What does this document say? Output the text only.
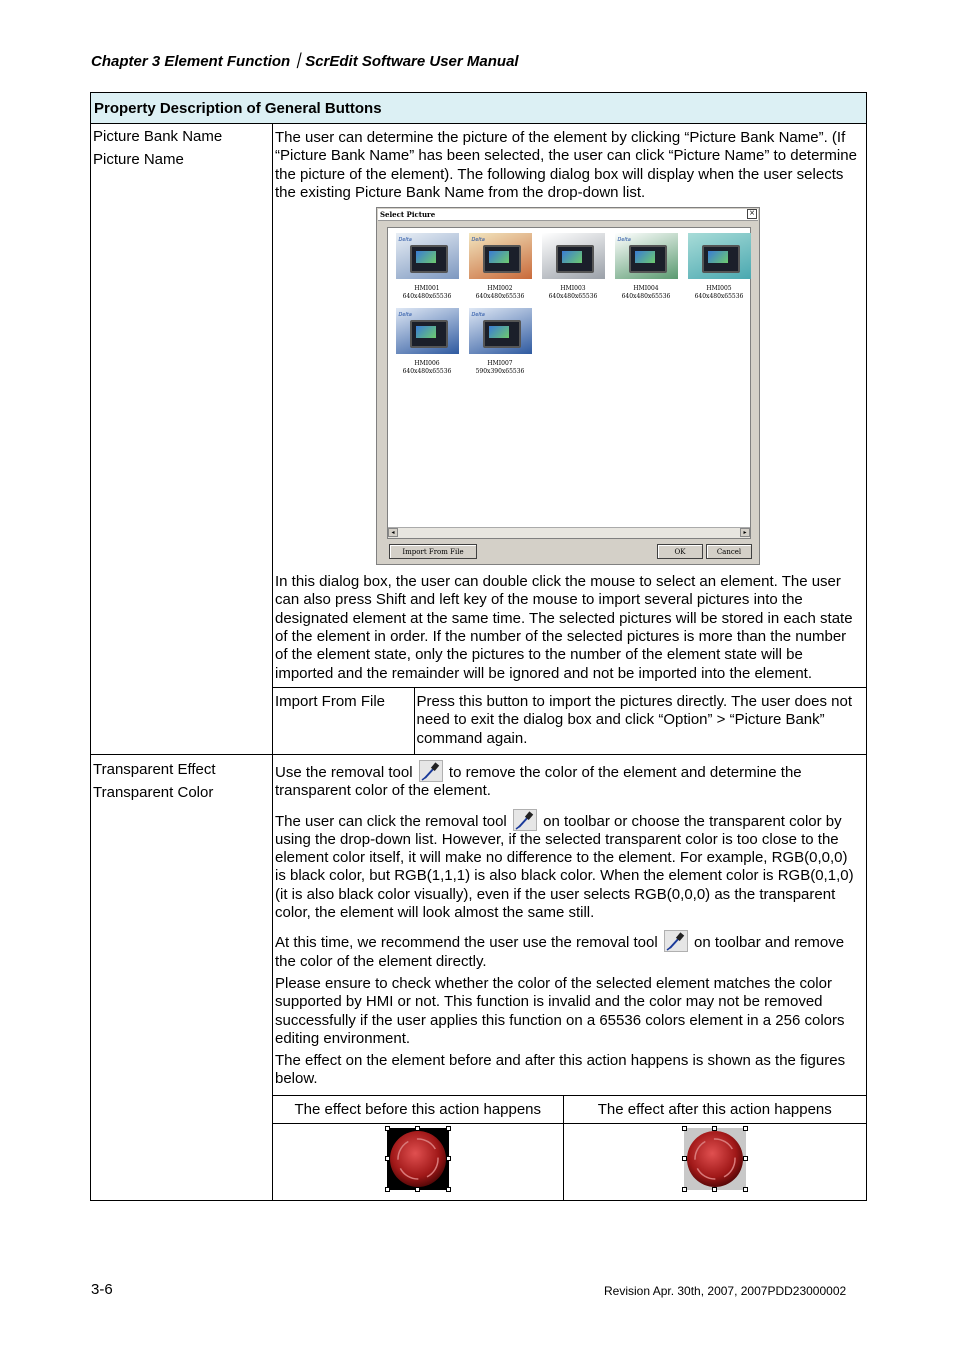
Chapter 3 Element Function｜ScrEdit Software User Manual
Property Description of General Buttons

Picture Bank Name
Picture Name

The user can determine the picture of the element by clicking “Picture Bank Name”. (If “Picture Bank Name” has been selected, the user can click “Picture Name” to determine the picture of the element). The following dialog box will display when the user selects the existing Picture Bank Name from the drop-down list.

Select Picture	×
Delta
HMI001
640x480x65536
Delta
HMI002
640x480x65536
HMI003
640x480x65536
Delta
HMI004
640x480x65536
HMI005
640x480x65536
Delta
HMI006
640x480x65536
Delta
HMI007
590x390x65536
◂	▸
Import From File	OK	Cancel

In this dialog box, the user can double click the mouse to select an element. The user can also press Shift and left key of the mouse to import several pictures into the designated element at the same time. The selected pictures will be stored in each state of the element in order. If the number of the selected pictures is more than the number of the element state, only the pictures to the number of the element state will be imported and the remainder will be ignored and not be imported into the element.

Import From File	Press this button to import the pictures directly. The user does not need to exit the dialog box and click “Option” > “Picture Bank” command again.

Transparent Effect
Transparent Color

Use the removal tool to remove the color of the element and determine the transparent color of the element.

The user can click the removal tool on toolbar or choose the transparent color by using the drop-down list. However, if the selected transparent color is too close to the element color itself, it will make no difference to the element. For example, RGB(0,0,0) is black color, but RGB(1,1,1) is also black color. When the element color is RGB(0,1,0) (it is also black color visually), even if the user selects RGB(0,0,0) as the transparent color, the element will look almost the same still.

At this time, we recommend the user use the removal tool on toolbar and remove the color of the element directly.

Please ensure to check whether the color of the selected element matches the color supported by HMI or not. This function is invalid and the color may not be removed successfully if the user applies this function on a 65536 colors element in a 256 colors editing environment.

The effect on the element before and after this action happens is shown as the figures below.

The effect before this action happens	The effect after this action happens

3-6	Revision Apr. 30th, 2007, 2007PDD23000002
